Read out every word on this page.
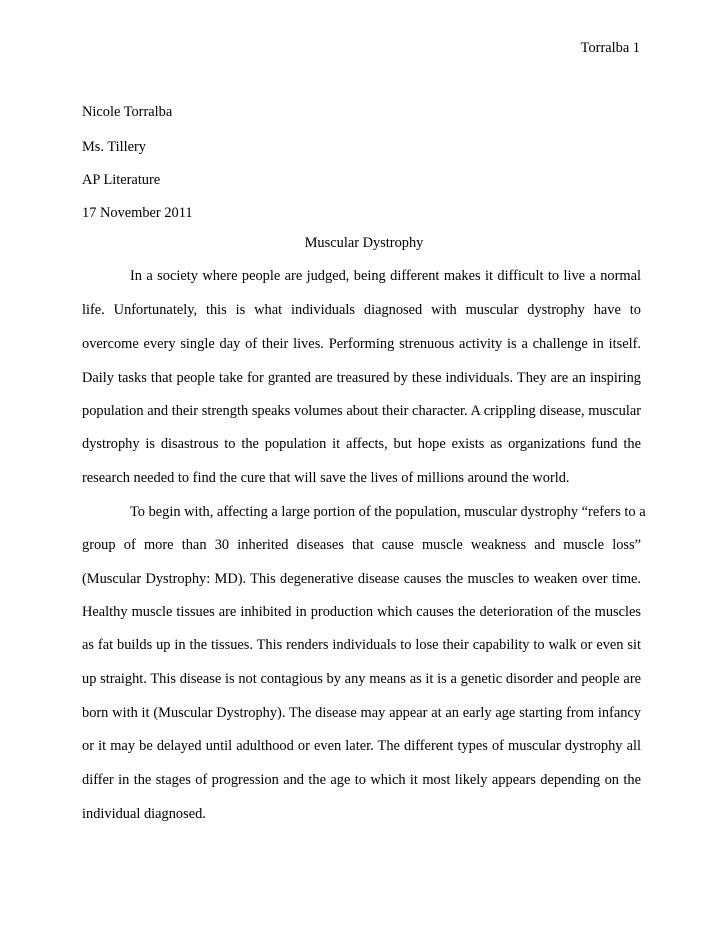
Torralba 1
Nicole Torralba
Ms. Tillery
AP Literature
17 November 2011
Muscular Dystrophy
In a society where people are judged, being different makes it difficult to live a normal
life. Unfortunately, this is what individuals diagnosed with muscular dystrophy have to
overcome every single day of their lives. Performing strenuous activity is a challenge in itself.
Daily tasks that people take for granted are treasured by these individuals. They are an inspiring
population and their strength speaks volumes about their character. A crippling disease, muscular
dystrophy is disastrous to the population it affects, but hope exists as organizations fund the
research needed to find the cure that will save the lives of millions around the world.
To begin with, affecting a large portion of the population, muscular dystrophy “refers to a
group of more than 30 inherited diseases that cause muscle weakness and muscle loss”
(Muscular Dystrophy: MD). This degenerative disease causes the muscles to weaken over time.
Healthy muscle tissues are inhibited in production which causes the deterioration of the muscles
as fat builds up in the tissues. This renders individuals to lose their capability to walk or even sit
up straight. This disease is not contagious by any means as it is a genetic disorder and people are
born with it (Muscular Dystrophy). The disease may appear at an early age starting from infancy
or it may be delayed until adulthood or even later. The different types of muscular dystrophy all
differ in the stages of progression and the age to which it most likely appears depending on the
individual diagnosed.
